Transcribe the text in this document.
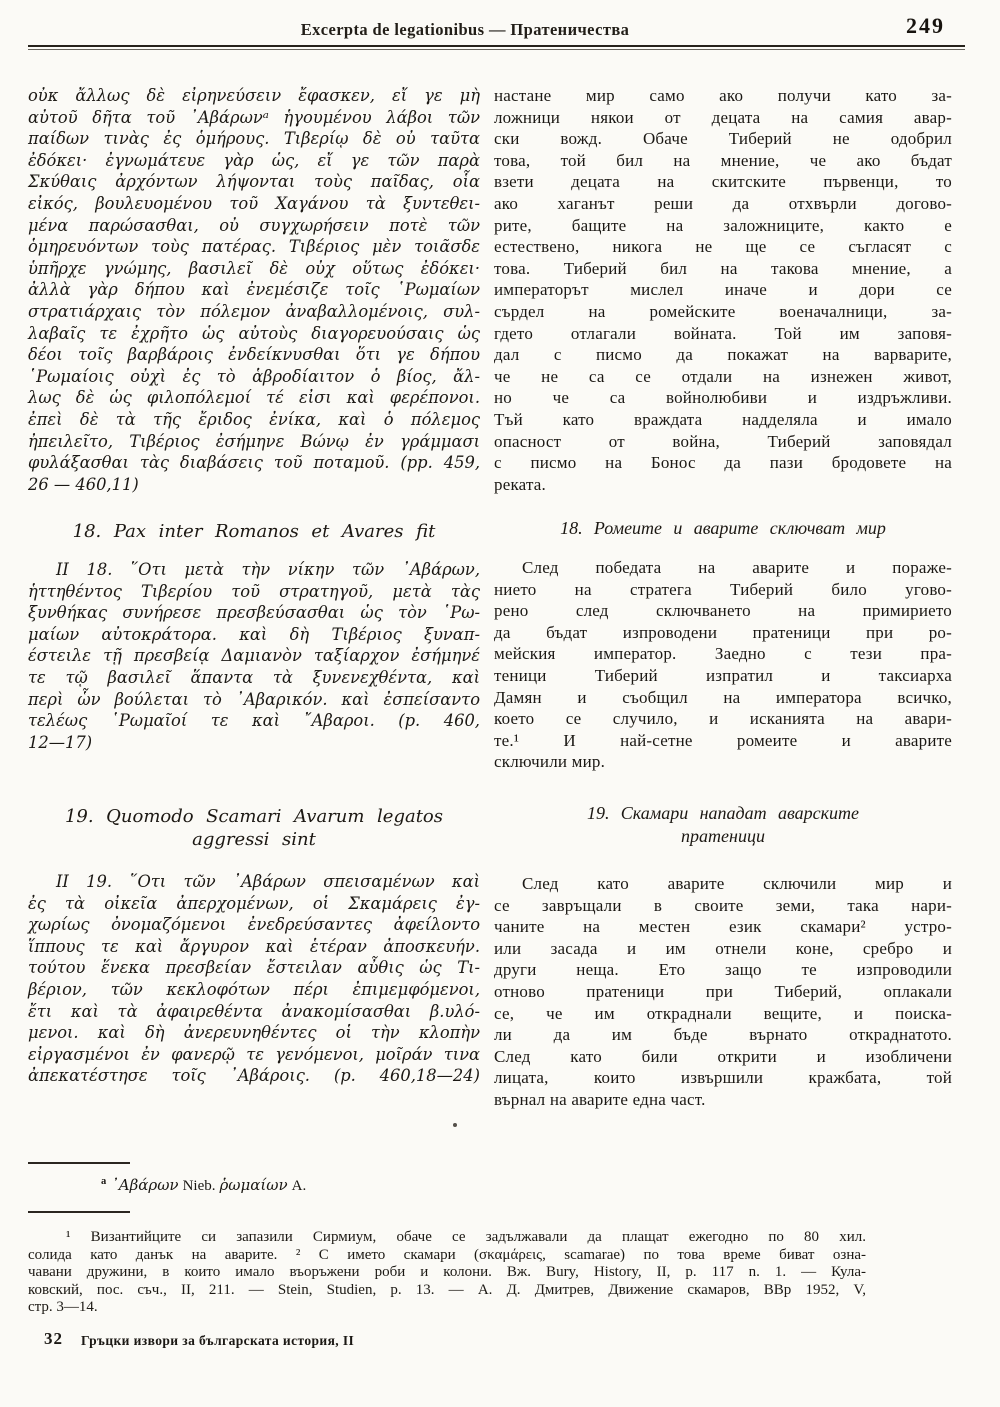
Excerpta de legationibus — Пратеничества	249
οὐκ ἄλλως δὲ εἰρηνεύσειν ἔφασκεν, εἴ γε μὴ
αὐτοῦ δῆτα τοῦ ᾿Αβάρωνᵃ ἡγουμένου λάβοι τῶν
παίδων τινὰς ἐς ὁμήρους. Τιβερίῳ δὲ οὐ ταῦτα
ἐδόκει· ἐγνωμάτευε γὰρ ὡς, εἴ γε τῶν παρὰ
Σκύθαις ἀρχόντων λήψονται τοὺς παῖδας, οἷα
εἰκός, βουλευομένου τοῦ Χαγάνου τὰ ξυντεθει-
μένα παρώσασθαι, οὐ συγχωρήσειν ποτὲ τῶν
ὁμηρευόντων τοὺς πατέρας. Τιβέριος μὲν τοιᾶσδε
ὑπῆρχε γνώμης, βασιλεῖ δὲ οὐχ οὕτως ἐδόκει·
ἀλλὰ γὰρ δήπου καὶ ἐνεμέσιζε τοῖς ῾Ρωμαίων
στρατιάρχαις τὸν πόλεμον ἀναβαλλομένοις, συλ-
λαβαῖς τε ἐχρῆτο ὡς αὐτοὺς διαγορευούσαις ὡς
δέοι τοῖς βαρβάροις ἐνδείκνυσθαι ὅτι γε δήπου
῾Ρωμαίοις οὐχὶ ἐς τὸ ἁβροδίαιτον ὁ βίος, ἄλ-
λως δὲ ὡς φιλοπόλεμοί τέ εἰσι καὶ φερέπονοι.
ἐπεὶ δὲ τὰ τῆς ἔριδος ἐνίκα, καὶ ὁ πόλεμος
ἠπειλεῖτο, Τιβέριος ἐσήμηνε Βώνῳ ἐν γράμμασι
φυλάξασθαι τὰς διαβάσεις τοῦ ποταμοῦ. (pp. 459,
26 — 460,11)
18. Pax inter Romanos et Avares fit
II 18. ῞Οτι μετὰ τὴν νίκην τῶν ᾿Αβάρων,
ἡττηθέντος Τιβερίου τοῦ στρατηγοῦ, μετὰ τὰς
ξυνθήκας συνήρεσε πρεσβεύσασθαι ὡς τὸν ῾Ρω-
μαίων αὐτοκράτορα. καὶ δὴ Τιβέριος ξυναπ-
έστειλε τῇ πρεσβείᾳ Δαμιανὸν ταξίαρχον ἐσήμηνέ
τε τῷ βασιλεῖ ἅπαντα τὰ ξυνενεχθέντα, καὶ
περὶ ὧν βούλεται τὸ ᾿Αβαρικόν. καὶ ἐσπείσαντο
τελέως ῾Ρωμαῖοί τε καὶ ῎Αβαροι. (p. 460,
12—17)
19. Quomodo Scamari Avarum legatos
aggressi sint
II 19. ῞Οτι τῶν ᾿Αβάρων σπεισαμένων καὶ
ἐς τὰ οἰκεῖα ἀπερχομένων, οἱ Σκαμάρεις ἐγ-
χωρίως ὀνομαζόμενοι ἐνεδρεύσαντες ἀφείλοντο
ἵππους τε καὶ ἄργυρον καὶ ἑτέραν ἀποσκευήν.
τούτου ἕνεκα πρεσβείαν ἔστειλαν αὖθις ὡς Τι-
βέριον, τῶν κεκλοφότων πέρι ἐπιμεμφόμενοι,
ἔτι καὶ τὰ ἀφαιρεθέντα ἀνακομίσασθαι β.υλό-
μενοι. καὶ δὴ ἀνερευνηθέντες οἱ τὴν κλοπὴν
εἰργασμένοι ἐν φανερῷ τε γενόμενοι, μοῖράν τινα
ἀπεκατέστησε τοῖς ᾿Αβάροις. (p. 460,18—24)
настане мир само ако получи като за-
ложници някои от децата на самия авар-
ски вожд. Обаче Тиберий не одобрил
това, той бил на мнение, че ако бъдат
взети децата на скитските първенци, то
ако хаганът реши да отхвърли догово-
рите, бащите на заложниците, както е
естествено, никога не ще се съгласят с
това. Тиберий бил на такова мнение, а
императорът мислел иначе и дори се
сърдел на ромейските военачалници, за-
гдето отлагали войната. Той им заповя-
дал с писмо да покажат на варварите,
че не са се отдали на изнежен живот,
но че са войнолюбиви и издръжливи.
Тъй като враждата надделяла и имало
опасност от война, Тиберий заповядал
с писмо на Бонос да пази бродовете на
реката.
18. Ромеите и аварите сключват мир
След победата на аварите и пораже-
нието на стратега Тиберий било угово-
рено след сключването на примирието
да бъдат изпроводени пратеници при ро-
мейския император. Заедно с тези пра-
теници Тиберий изпратил и таксиарха
Дамян и съобщил на императора всичко,
което се случило, и исканията на авари-
те.¹ И най-сетне ромеите и аварите
сключили мир.
19. Скамари нападат аварските
пратеници
След като аварите сключили мир и
се завръщали в своите земи, така нари-
чаните на местен език скамари² устро-
или засада и им отнели коне, сребро и
други неща. Ето защо те изпроводили
отново пратеници при Тиберий, оплакали
се, че им откраднали вещите, и поиска-
ли да им бъде върнато откраднатото.
След като били открити и изобличени
лицата, които извършили кражбата, той
върнал на аварите една част.
$^a$ ᾿Αβάρων Nieb. ῥωμαίων A.
¹ Византийците си запазили Сирмиум, обаче се задължавали да плащат ежегодно по 80 хил.
солида като данък на аварите. ² С името скамари (σκαμάρεις, scamarae) по това време биват озна-
чавани дружини, в които имало въоръжени роби и колони. Вж. Bury, History, II, p. 117 n. 1. — Кула-
ковский, пос. съч., II, 211. — Stein, Studien, p. 13. — А. Д. Дмитрев, Движение скамаров, ВВр 1952, V,
стр. 3—14.
32 Гръцки извори за българската история, II
